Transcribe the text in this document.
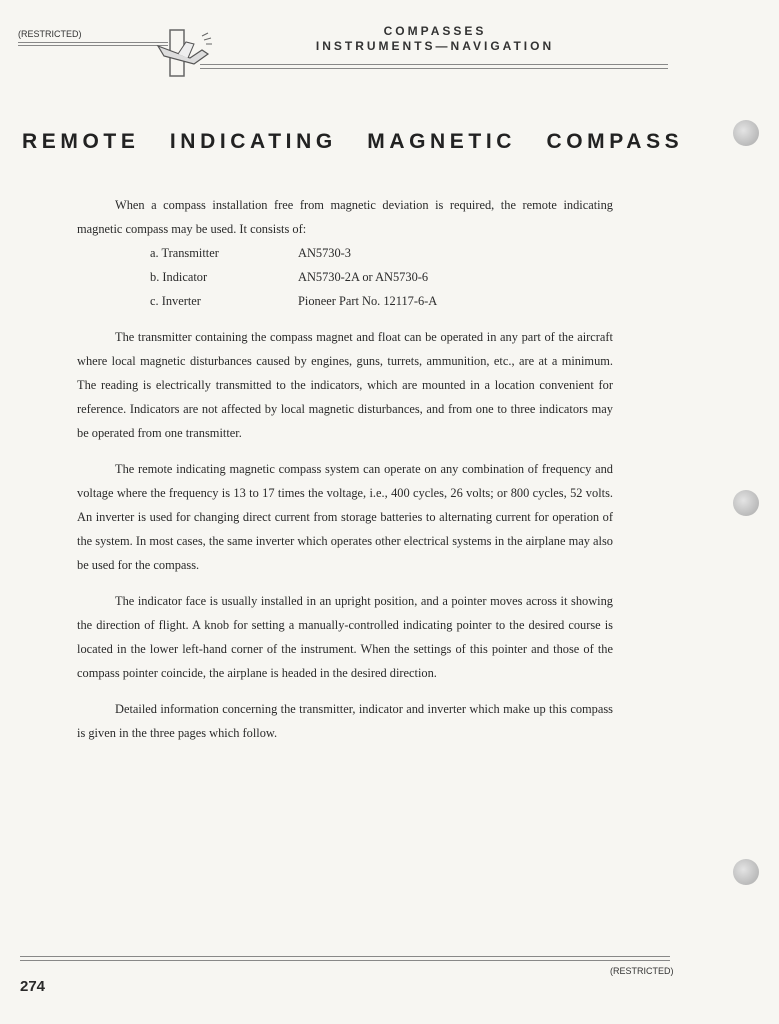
(RESTRICTED)	COMPASSES
INSTRUMENTS—NAVIGATION
REMOTE INDICATING MAGNETIC COMPASS

When a compass installation free from magnetic deviation is required, the remote indicating magnetic compass may be used. It consists of:

a. Transmitter	AN5730-3
b. Indicator	AN5730-2A or AN5730-6
c. Inverter	Pioneer Part No. 12117-6-A

The transmitter containing the compass magnet and float can be operated in any part of the aircraft where local magnetic disturbances caused by engines, guns, turrets, ammunition, etc., are at a minimum. The reading is electrically transmitted to the indicators, which are mounted in a location convenient for reference. Indicators are not affected by local magnetic disturbances, and from one to three indicators may be operated from one transmitter.

The remote indicating magnetic compass system can operate on any combination of frequency and voltage where the frequency is 13 to 17 times the voltage, i.e., 400 cycles, 26 volts; or 800 cycles, 52 volts. An inverter is used for changing direct current from storage batteries to alternating current for operation of the system. In most cases, the same inverter which operates other electrical systems in the airplane may also be used for the compass.

The indicator face is usually installed in an upright position, and a pointer moves across it showing the direction of flight. A knob for setting a manually-controlled indicating pointer to the desired course is located in the lower left-hand corner of the instrument. When the settings of this pointer and those of the compass pointer coincide, the airplane is headed in the desired direction.

Detailed information concerning the transmitter, indicator and inverter which make up this compass is given in the three pages which follow.

(RESTRICTED)
274
